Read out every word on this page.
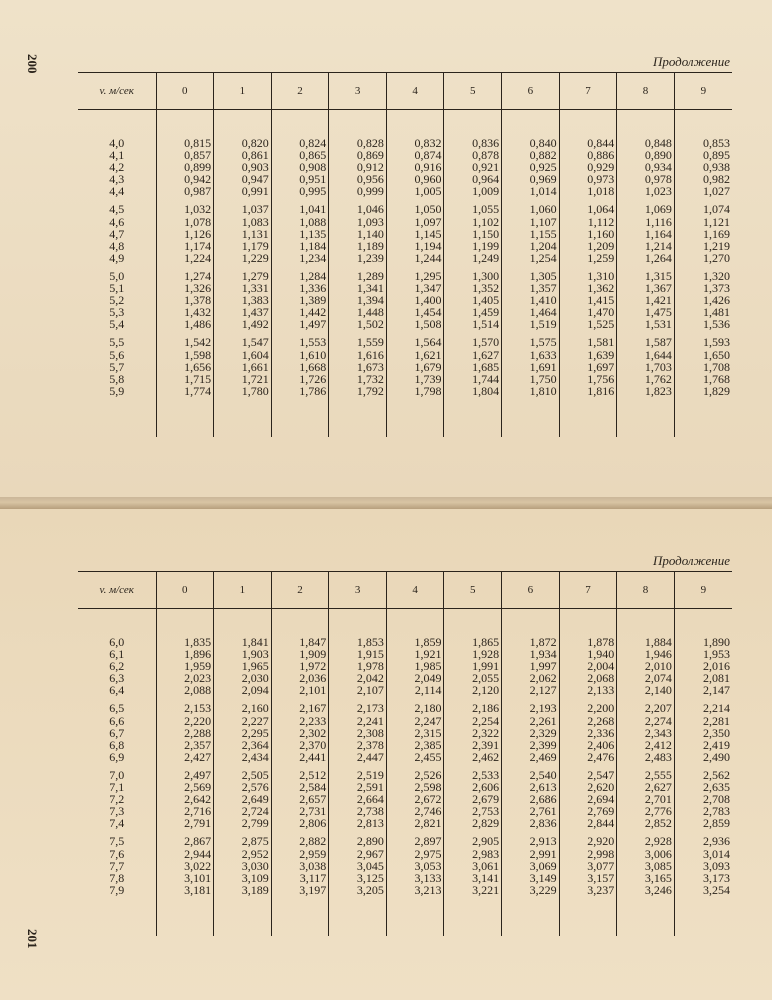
200	Продолжение
v. м/сек	0	1	2	3	4	5	6	7	8	9
4,0	0,815	0,820	0,824	0,828	0,832	0,836	0,840	0,844	0,848	0,853
4,1	0,857	0,861	0,865	0,869	0,874	0,878	0,882	0,886	0,890	0,895
4,2	0,899	0,903	0,908	0,912	0,916	0,921	0,925	0,929	0,934	0,938
4,3	0,942	0,947	0,951	0,956	0,960	0,964	0,969	0,973	0,978	0,982
4,4	0,987	0,991	0,995	0,999	1,005	1,009	1,014	1,018	1,023	1,027

4,5	1,032	1,037	1,041	1,046	1,050	1,055	1,060	1,064	1,069	1,074
4,6	1,078	1,083	1,088	1,093	1,097	1,102	1,107	1,112	1,116	1,121
4,7	1,126	1,131	1,135	1,140	1,145	1,150	1,155	1,160	1,164	1,169
4,8	1,174	1,179	1,184	1,189	1,194	1,199	1,204	1,209	1,214	1,219
4,9	1,224	1,229	1,234	1,239	1,244	1,249	1,254	1,259	1,264	1,270

5,0	1,274	1,279	1,284	1,289	1,295	1,300	1,305	1,310	1,315	1,320
5,1	1,326	1,331	1,336	1,341	1,347	1,352	1,357	1,362	1,367	1,373
5,2	1,378	1,383	1,389	1,394	1,400	1,405	1,410	1,415	1,421	1,426
5,3	1,432	1,437	1,442	1,448	1,454	1,459	1,464	1,470	1,475	1,481
5,4	1,486	1,492	1,497	1,502	1,508	1,514	1,519	1,525	1,531	1,536

5,5	1,542	1,547	1,553	1,559	1,564	1,570	1,575	1,581	1,587	1,593
5,6	1,598	1,604	1,610	1,616	1,621	1,627	1,633	1,639	1,644	1,650
5,7	1,656	1,661	1,668	1,673	1,679	1,685	1,691	1,697	1,703	1,708
5,8	1,715	1,721	1,726	1,732	1,739	1,744	1,750	1,756	1,762	1,768
5,9	1,774	1,780	1,786	1,792	1,798	1,804	1,810	1,816	1,823	1,829

201
Продолжение
v. м/сек	0	1	2	3	4	5	6	7	8	9
6,0	1,835	1,841	1,847	1,853	1,859	1,865	1,872	1,878	1,884	1,890
6,1	1,896	1,903	1,909	1,915	1,921	1,928	1,934	1,940	1,946	1,953
6,2	1,959	1,965	1,972	1,978	1,985	1,991	1,997	2,004	2,010	2,016
6,3	2,023	2,030	2,036	2,042	2,049	2,055	2,062	2,068	2,074	2,081
6,4	2,088	2,094	2,101	2,107	2,114	2,120	2,127	2,133	2,140	2,147

6,5	2,153	2,160	2,167	2,173	2,180	2,186	2,193	2,200	2,207	2,214
6,6	2,220	2,227	2,233	2,241	2,247	2,254	2,261	2,268	2,274	2,281
6,7	2,288	2,295	2,302	2,308	2,315	2,322	2,329	2,336	2,343	2,350
6,8	2,357	2,364	2,370	2,378	2,385	2,391	2,399	2,406	2,412	2,419
6,9	2,427	2,434	2,441	2,447	2,455	2,462	2,469	2,476	2,483	2,490

7,0	2,497	2,505	2,512	2,519	2,526	2,533	2,540	2,547	2,555	2,562
7,1	2,569	2,576	2,584	2,591	2,598	2,606	2,613	2,620	2,627	2,635
7,2	2,642	2,649	2,657	2,664	2,672	2,679	2,686	2,694	2,701	2,708
7,3	2,716	2,724	2,731	2,738	2,746	2,753	2,761	2,769	2,776	2,783
7,4	2,791	2,799	2,806	2,813	2,821	2,829	2,836	2,844	2,852	2,859

7,5	2,867	2,875	2,882	2,890	2,897	2,905	2,913	2,920	2,928	2,936
7,6	2,944	2,952	2,959	2,967	2,975	2,983	2,991	2,998	3,006	3,014
7,7	3,022	3,030	3,038	3,045	3,053	3,061	3,069	3,077	3,085	3,093
7,8	3,101	3,109	3,117	3,125	3,133	3,141	3,149	3,157	3,165	3,173
7,9	3,181	3,189	3,197	3,205	3,213	3,221	3,229	3,237	3,246	3,254
